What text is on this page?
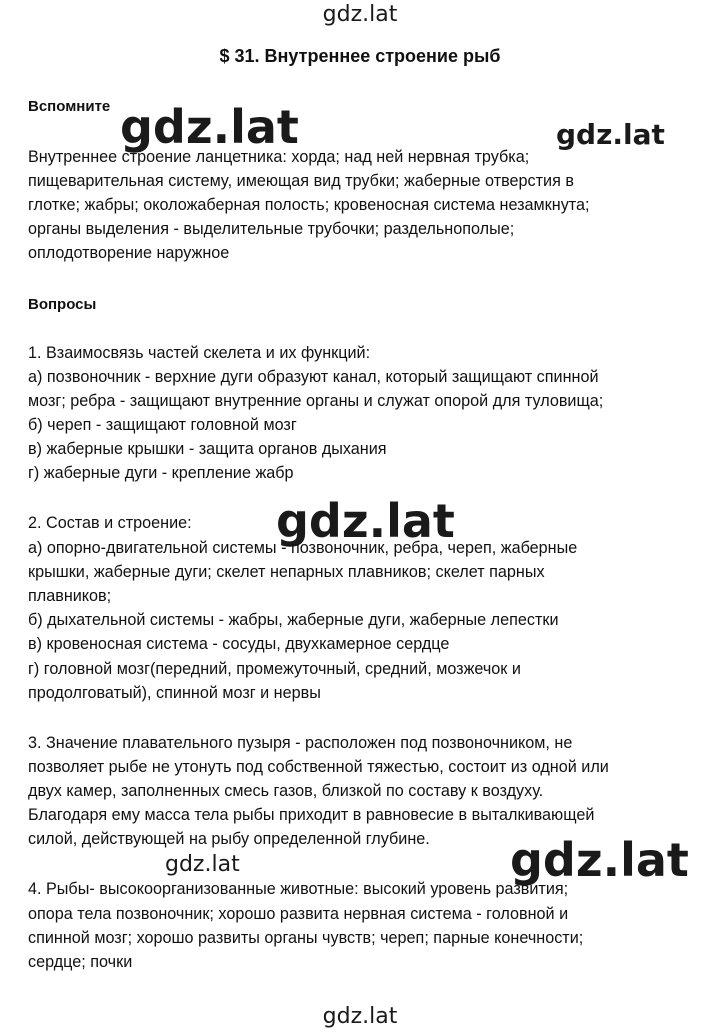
gdz.lat
gdz.lat	gdz.lat
gdz.lat
gdz.lat	gdz.lat
gdz.lat
$ 31. Внутреннее строение рыб
Вспомните
Внутреннее строение ланцетника: хорда; над ней нервная трубка;
пищеварительная системy, имеющая вид трубки; жаберные отверстия в
глотке; жабры; околожаберная полость; кровеносная система незамкнута;
органы выделения - выделительные трубочки; раздельнополые;
оплодотворение наружное
Вопросы
1. Взаимосвязь частей скелета и их функций:
а) позвоночник - верхние дуги образуют канал, который защищают спинной
мозг; ребра - защищают внутренние органы и служат опорой для туловища;
б) череп - защищают головной мозг
в) жаберные крышки - защита органов дыхания
г) жаберные дуги - крепление жабр
2. Состав и строение:
а) опорно-двигательной системы - позвоночник, ребра, череп, жаберные
крышки, жаберные дуги; скелет непарных плавников; скелет парных
плавников;
б) дыхательной системы - жабры, жаберные дуги, жаберные лепестки
в) кровеносная система - сосуды, двухкамерное сердце
г) головной мозг(передний, промежуточный, средний, мозжечок и
продолговатый), спинной мозг и нервы
3. Значение плавательного пузыря - расположен под позвоночником, не
позволяет рыбе не утонуть под собственной тяжестью, состоит из одной или
двух камер, заполненных смесь газов, близкой по составу к воздуху.
Благодаря ему масса тела рыбы приходит в равновесие в выталкивающей
силой, действующей на рыбу определенной глубине.
4. Рыбы- высокоорганизованные животные: высокий уровень развития;
опора тела позвоночник; хорошо развита нервная система - головной и
спинной мозг; хорошо развиты органы чувств; череп; парные конечности;
сердце; почки
